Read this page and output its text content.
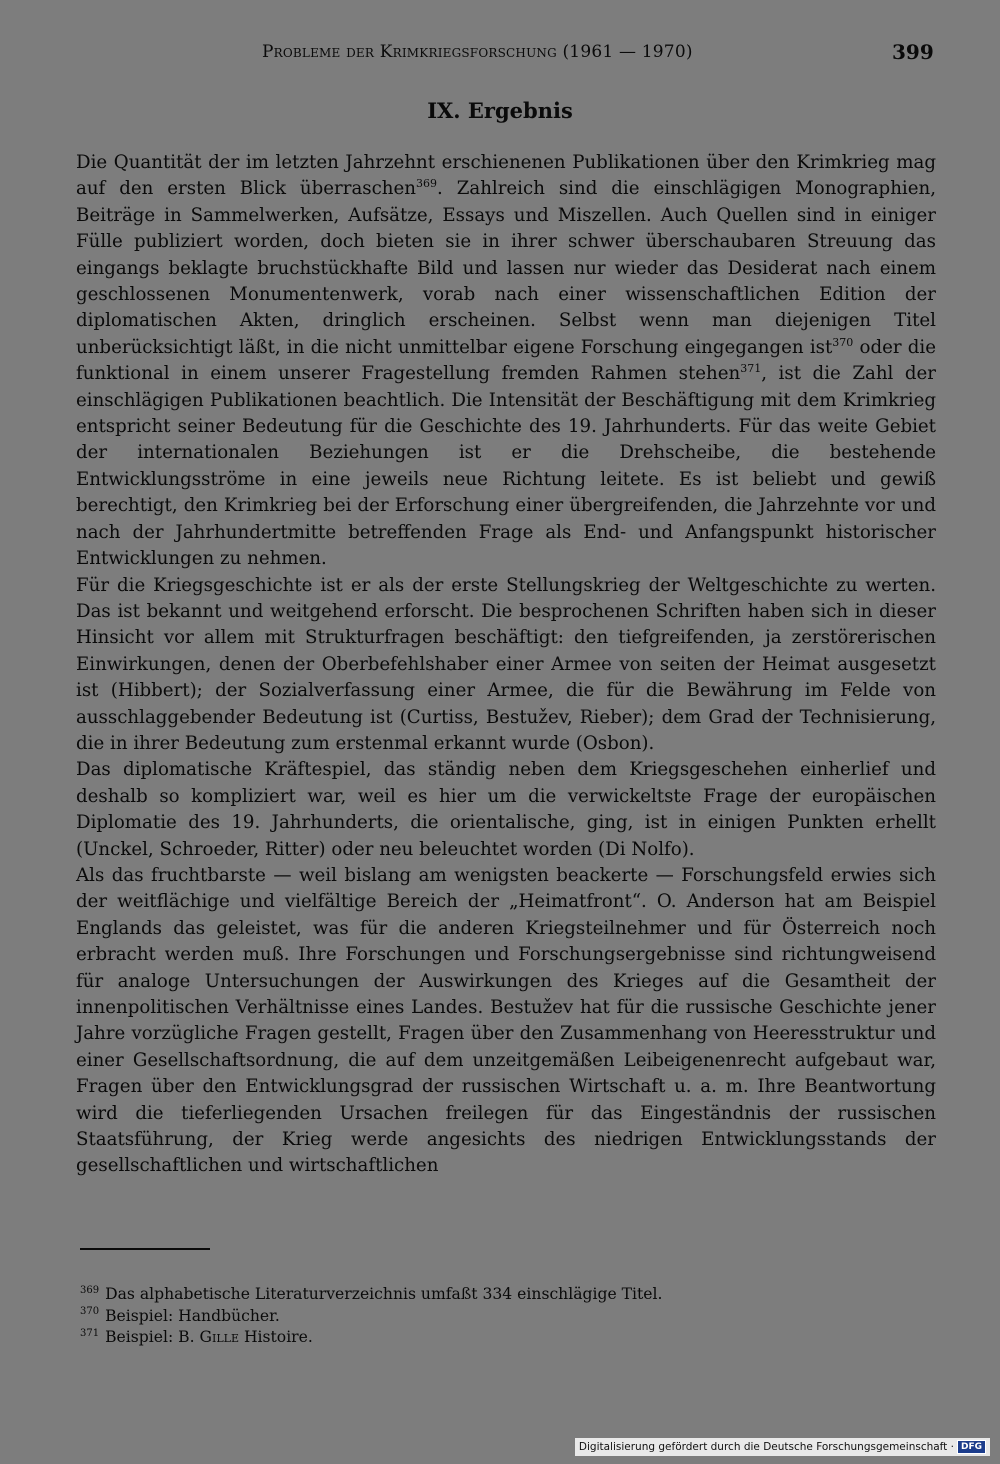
Probleme der Krimkriegsforschung (1961 — 1970)	399
IX. Ergebnis

Die Quantität der im letzten Jahrzehnt erschienenen Publikationen über den Krimkrieg mag auf den ersten Blick überraschen$^{369}$. Zahlreich sind die einschlägigen Monographien, Beiträge in Sammelwerken, Aufsätze, Essays und Miszellen. Auch Quellen sind in einiger Fülle publiziert worden, doch bieten sie in ihrer schwer überschaubaren Streuung das eingangs beklagte bruchstückhafte Bild und lassen nur wieder das Desiderat nach einem geschlossenen Monumentenwerk, vorab nach einer wissenschaftlichen Edition der diplomatischen Akten, dringlich erscheinen. Selbst wenn man diejenigen Titel unberücksichtigt läßt, in die nicht unmittelbar eigene Forschung eingegangen ist$^{370}$ oder die funktional in einem unserer Fragestellung fremden Rahmen stehen$^{371}$, ist die Zahl der einschlägigen Publikationen beachtlich. Die Intensität der Beschäftigung mit dem Krimkrieg entspricht seiner Bedeutung für die Geschichte des 19. Jahrhunderts. Für das weite Gebiet der internationalen Beziehungen ist er die Drehscheibe, die bestehende Entwicklungsströme in eine jeweils neue Richtung leitete. Es ist beliebt und gewiß berechtigt, den Krimkrieg bei der Erforschung einer übergreifenden, die Jahrzehnte vor und nach der Jahrhundertmitte betreffenden Frage als End- und Anfangspunkt historischer Entwicklungen zu nehmen.

Für die Kriegsgeschichte ist er als der erste Stellungskrieg der Weltgeschichte zu werten. Das ist bekannt und weitgehend erforscht. Die besprochenen Schriften haben sich in dieser Hinsicht vor allem mit Strukturfragen beschäftigt: den tiefgreifenden, ja zerstörerischen Einwirkungen, denen der Oberbefehlshaber einer Armee von seiten der Heimat ausgesetzt ist (Hibbert); der Sozialverfassung einer Armee, die für die Bewährung im Felde von ausschlaggebender Bedeutung ist (Curtiss, Bestužev, Rieber); dem Grad der Technisierung, die in ihrer Bedeutung zum erstenmal erkannt wurde (Osbon).

Das diplomatische Kräftespiel, das ständig neben dem Kriegsgeschehen einherlief und deshalb so kompliziert war, weil es hier um die verwickeltste Frage der europäischen Diplomatie des 19. Jahrhunderts, die orientalische, ging, ist in einigen Punkten erhellt (Unckel, Schroeder, Ritter) oder neu beleuchtet worden (Di Nolfo).

Als das fruchtbarste — weil bislang am wenigsten beackerte — Forschungsfeld erwies sich der weitflächige und vielfältige Bereich der „Heimatfront“. O. Anderson hat am Beispiel Englands das geleistet, was für die anderen Kriegsteilnehmer und für Österreich noch erbracht werden muß. Ihre Forschungen und Forschungsergebnisse sind richtungweisend für analoge Untersuchungen der Auswirkungen des Krieges auf die Gesamtheit der innenpolitischen Verhältnisse eines Landes. Bestužev hat für die russische Geschichte jener Jahre vorzügliche Fragen gestellt, Fragen über den Zusammenhang von Heeresstruktur und einer Gesellschaftsordnung, die auf dem unzeitgemäßen Leibeigenenrecht aufgebaut war, Fragen über den Entwicklungsgrad der russischen Wirtschaft u. a. m. Ihre Beantwortung wird die tieferliegenden Ursachen freilegen für das Eingeständnis der russischen Staatsführung, der Krieg werde angesichts des niedrigen Entwicklungsstands der gesellschaftlichen und wirtschaftlichen

$^{369}$ Das alphabetische Literaturverzeichnis umfaßt 334 einschlägige Titel.

$^{370}$ Beispiel: Handbücher.

$^{371}$ Beispiel: B. Gille Histoire.

Digitalisierung gefördert durch die Deutsche Forschungsgemeinschaft · DFG
